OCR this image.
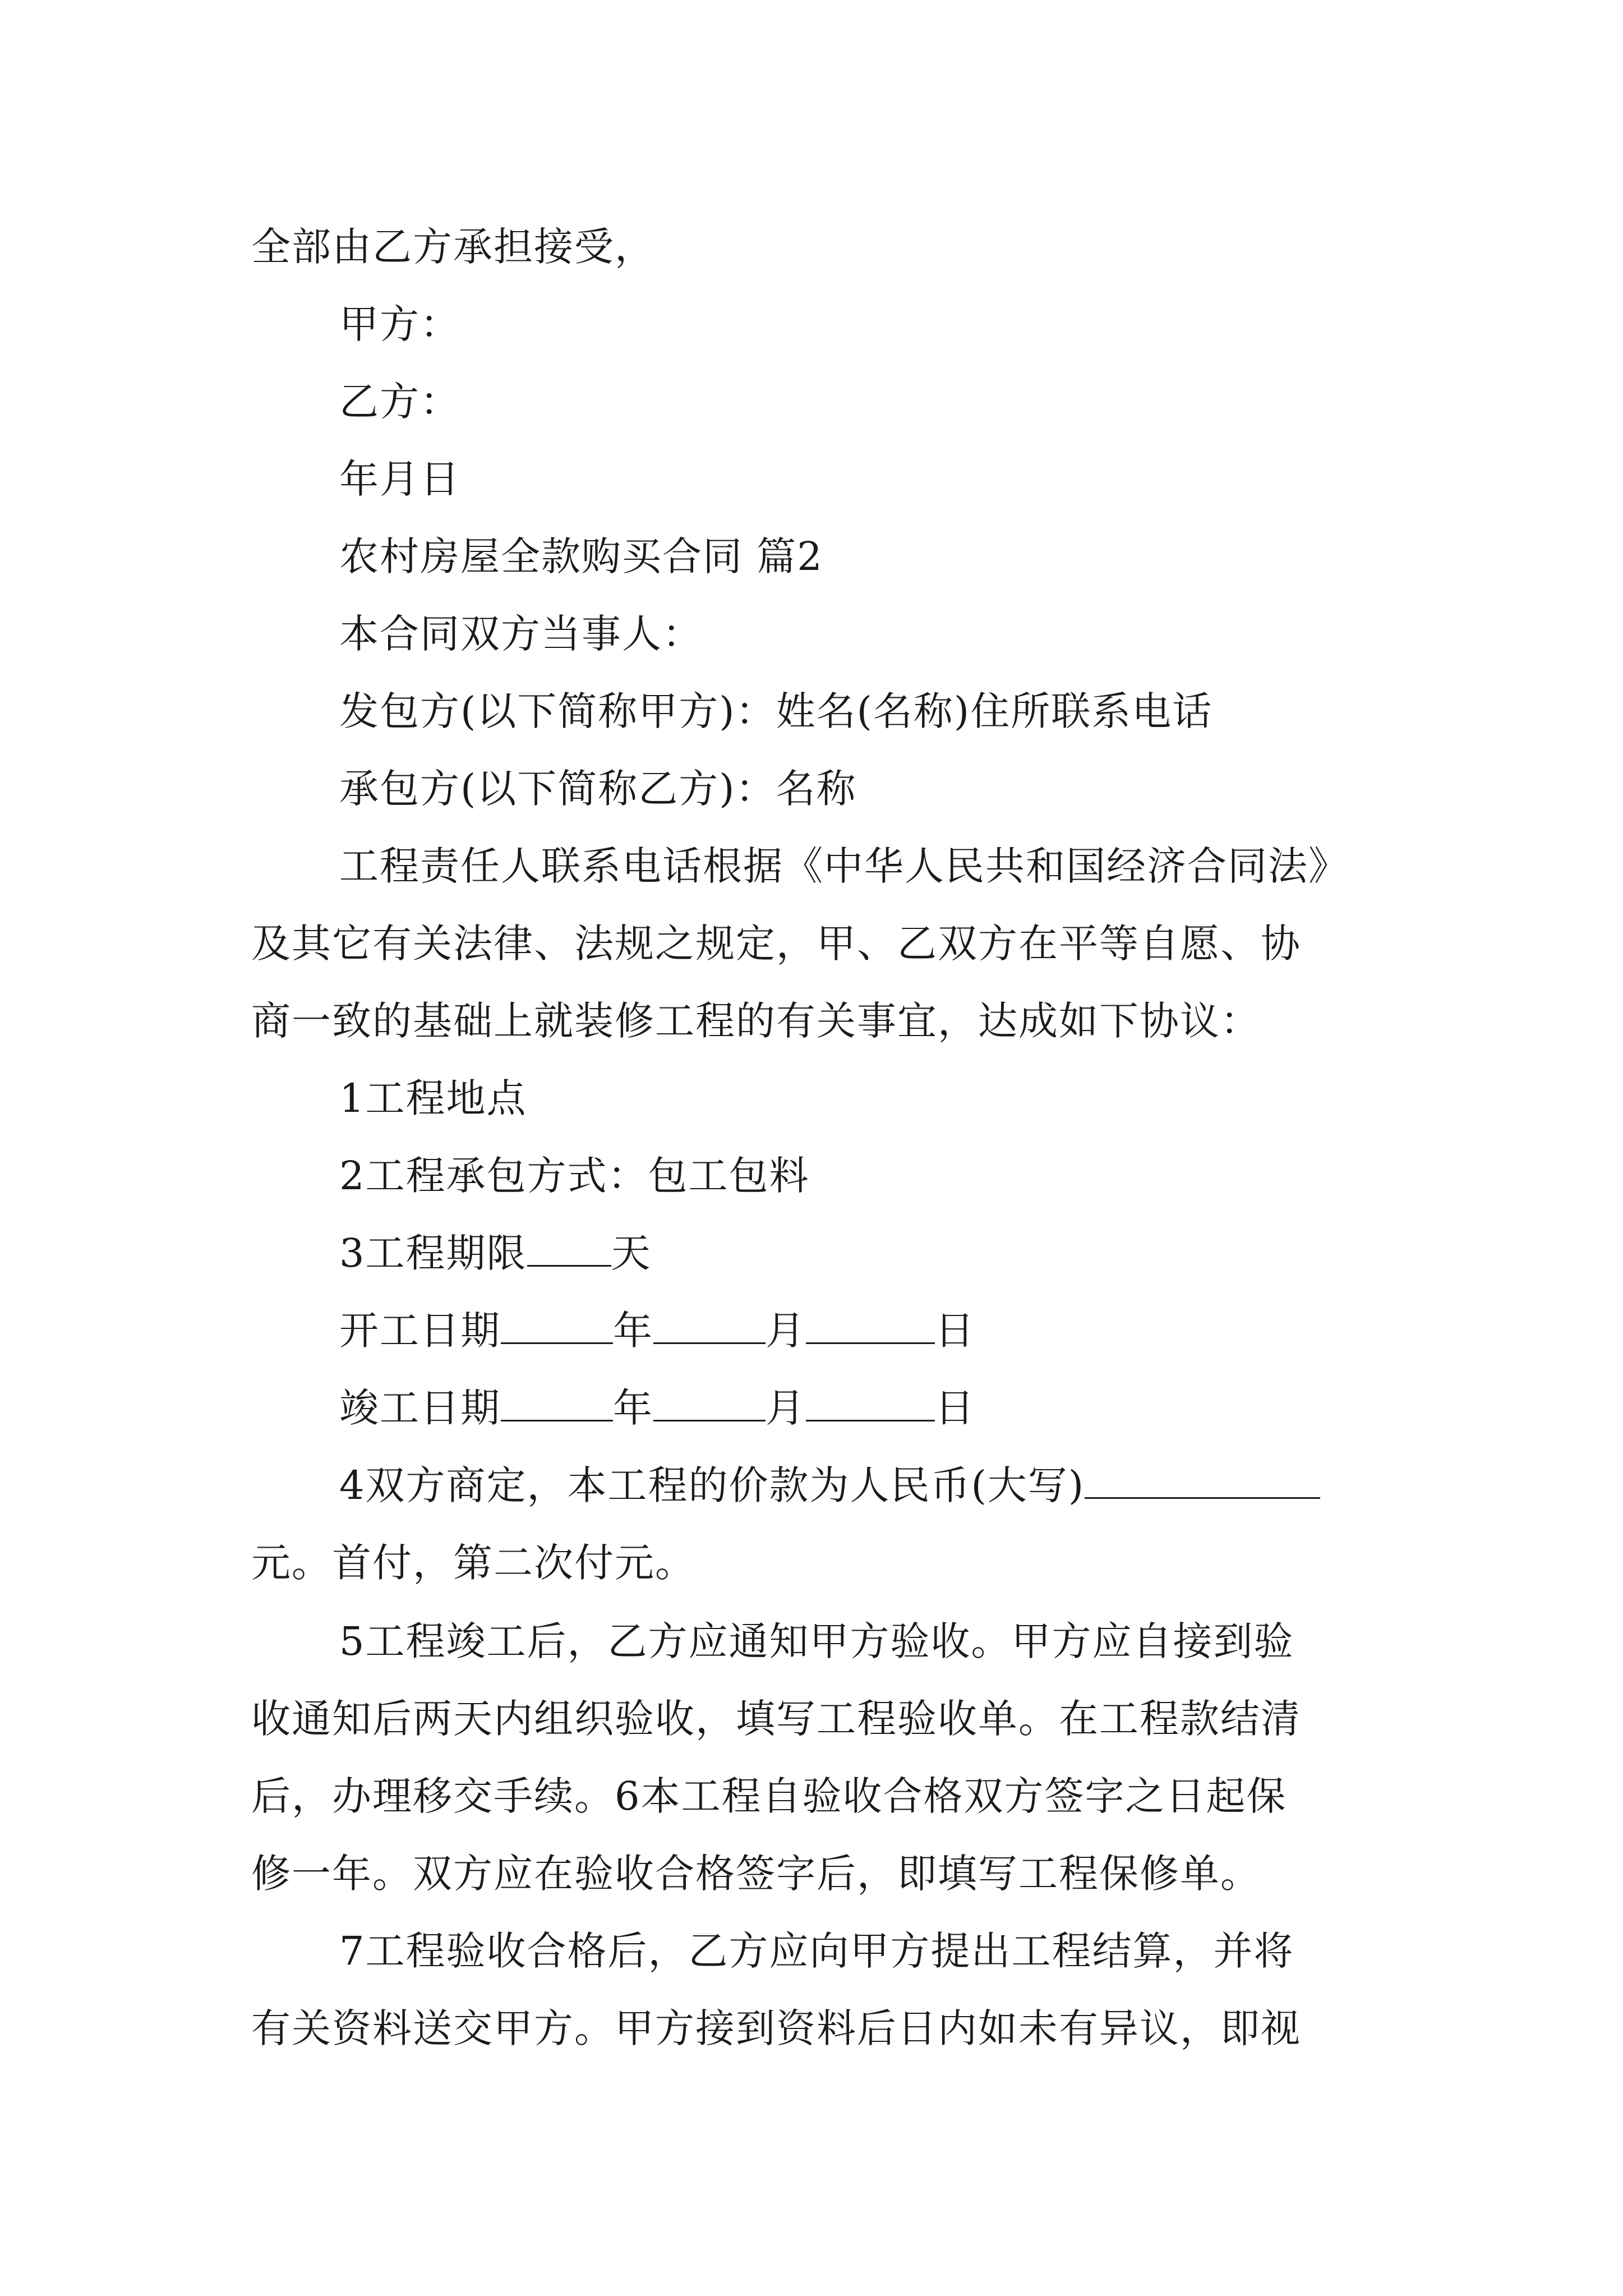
全部由乙方承担接受，
甲方：
乙方：
年月日
农村房屋全款购买合同 篇2
本合同双方当事人：
发包方(以下简称甲方)：姓名(名称)住所联系电话
承包方(以下简称乙方)：名称
工程责任人联系电话根据《中华人民共和国经济合同法》
及其它有关法律、法规之规定，甲、乙双方在平等自愿、协
商一致的基础上就装修工程的有关事宜，达成如下协议：
1工程地点
2工程承包方式：包工包料
3工程期限 天
开工日期	年	月	日
竣工日期	年	月	日
4双方商定，本工程的价款为人民币(大写)
元。首付，第二次付元。
5工程竣工后，乙方应通知甲方验收。甲方应自接到验
收通知后两天内组织验收，填写工程验收单。在工程款结清
后，办理移交手续。6本工程自验收合格双方签字之日起保
修一年。双方应在验收合格签字后，即填写工程保修单。
7工程验收合格后，乙方应向甲方提出工程结算，并将
有关资料送交甲方。甲方接到资料后日内如未有异议，即视
